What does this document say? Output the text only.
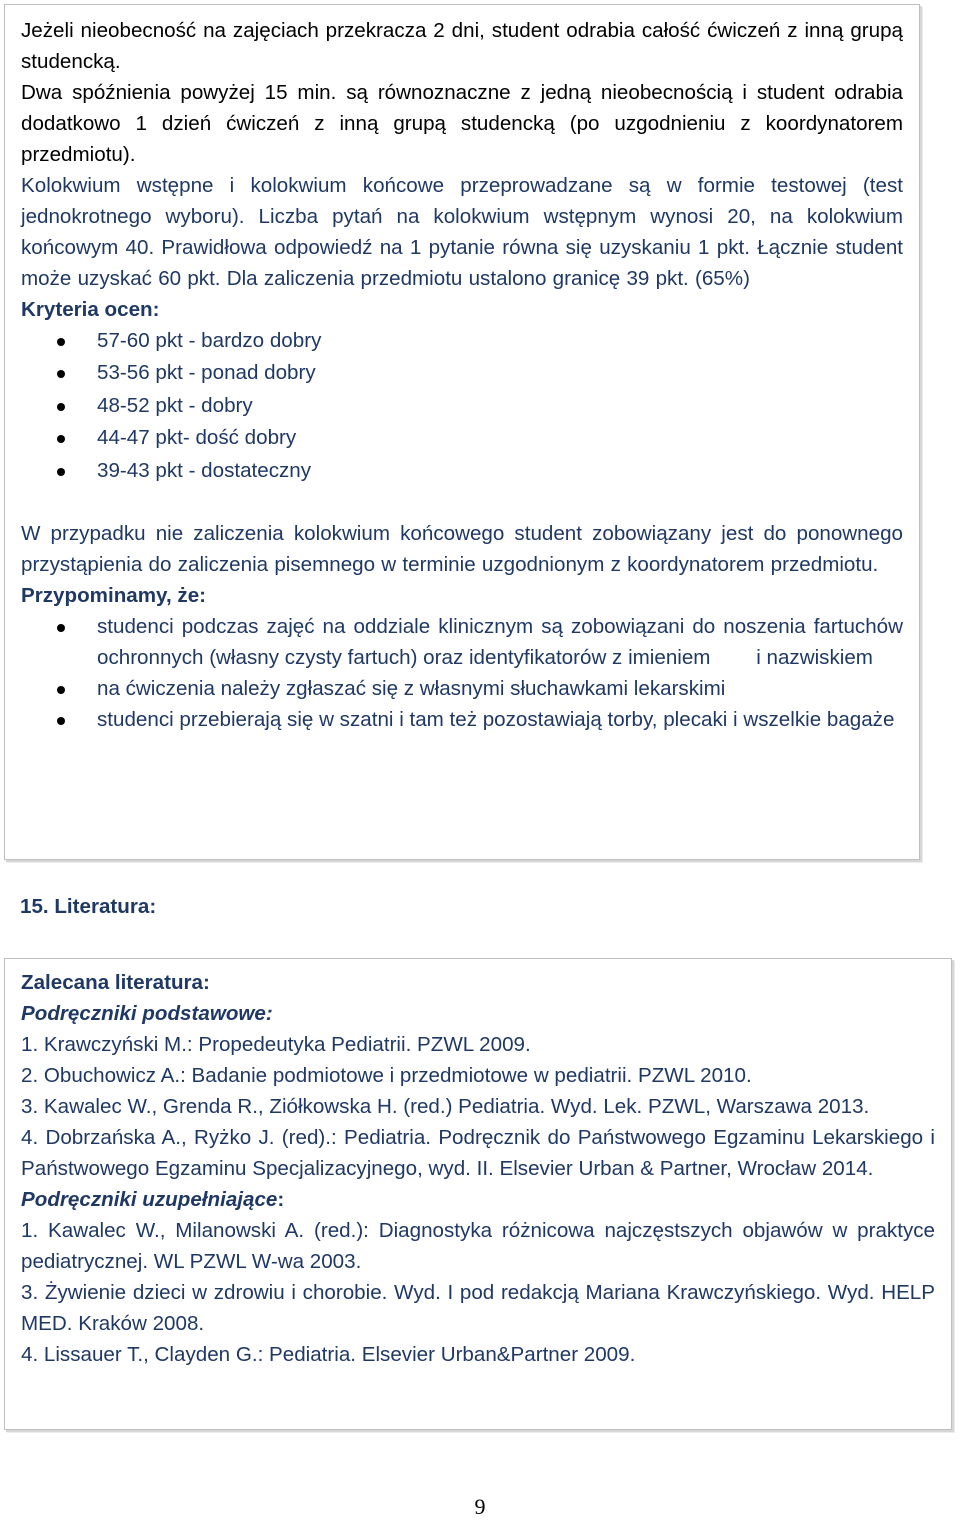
Jeżeli nieobecność na zajęciach przekracza 2 dni, student odrabia całość ćwiczeń z inną grupą studencką.

Dwa spóźnienia powyżej 15 min. są równoznaczne z jedną nieobecnością i student odrabia dodatkowo 1 dzień ćwiczeń z inną grupą studencką (po uzgodnieniu z koordynatorem przedmiotu).

Kolokwium wstępne i kolokwium końcowe przeprowadzane są w formie testowej (test jednokrotnego wyboru). Liczba pytań na kolokwium wstępnym wynosi 20, na kolokwium końcowym 40. Prawidłowa odpowiedź na 1 pytanie równa się uzyskaniu 1 pkt. Łącznie student może uzyskać 60 pkt. Dla zaliczenia przedmiotu ustalono granicę 39 pkt. (65%)

Kryteria ocen:

57-60 pkt - bardzo dobry
53-56 pkt - ponad dobry
48-52 pkt - dobry
44-47 pkt- dość dobry
39-43 pkt - dostateczny

W przypadku nie zaliczenia kolokwium końcowego student zobowiązany jest do ponownego przystąpienia do zaliczenia pisemnego w terminie uzgodnionym z koordynatorem przedmiotu.

Przypominamy, że:

studenci podczas zajęć na oddziale klinicznym są zobowiązani do noszenia fartuchów ochronnych (własny czysty fartuch) oraz identyfikatorów z imieniem        i nazwiskiem
na ćwiczenia należy zgłaszać się z własnymi słuchawkami lekarskimi
studenci przebierają się w szatni i tam też pozostawiają torby, plecaki i wszelkie bagaże

15. Literatura:

Zalecana literatura:

Podręczniki podstawowe:

1. Krawczyński M.: Propedeutyka Pediatrii. PZWL 2009.

2. Obuchowicz A.: Badanie podmiotowe i przedmiotowe w pediatrii. PZWL 2010.

3. Kawalec W., Grenda R., Ziółkowska H. (red.) Pediatria. Wyd. Lek. PZWL, Warszawa 2013.

4. Dobrzańska A., Ryżko J. (red).: Pediatria. Podręcznik do Państwowego Egzaminu Lekarskiego i Państwowego Egzaminu Specjalizacyjnego, wyd. II. Elsevier Urban & Partner, Wrocław 2014.

Podręczniki uzupełniające:

1. Kawalec W., Milanowski A. (red.): Diagnostyka różnicowa najczęstszych objawów w praktyce pediatrycznej. WL PZWL W-wa 2003.

3. Żywienie dzieci w zdrowiu i chorobie. Wyd. I pod redakcją Mariana Krawczyńskiego. Wyd. HELP MED. Kraków 2008.

4. Lissauer T., Clayden G.: Pediatria. Elsevier Urban&Partner 2009.

9
